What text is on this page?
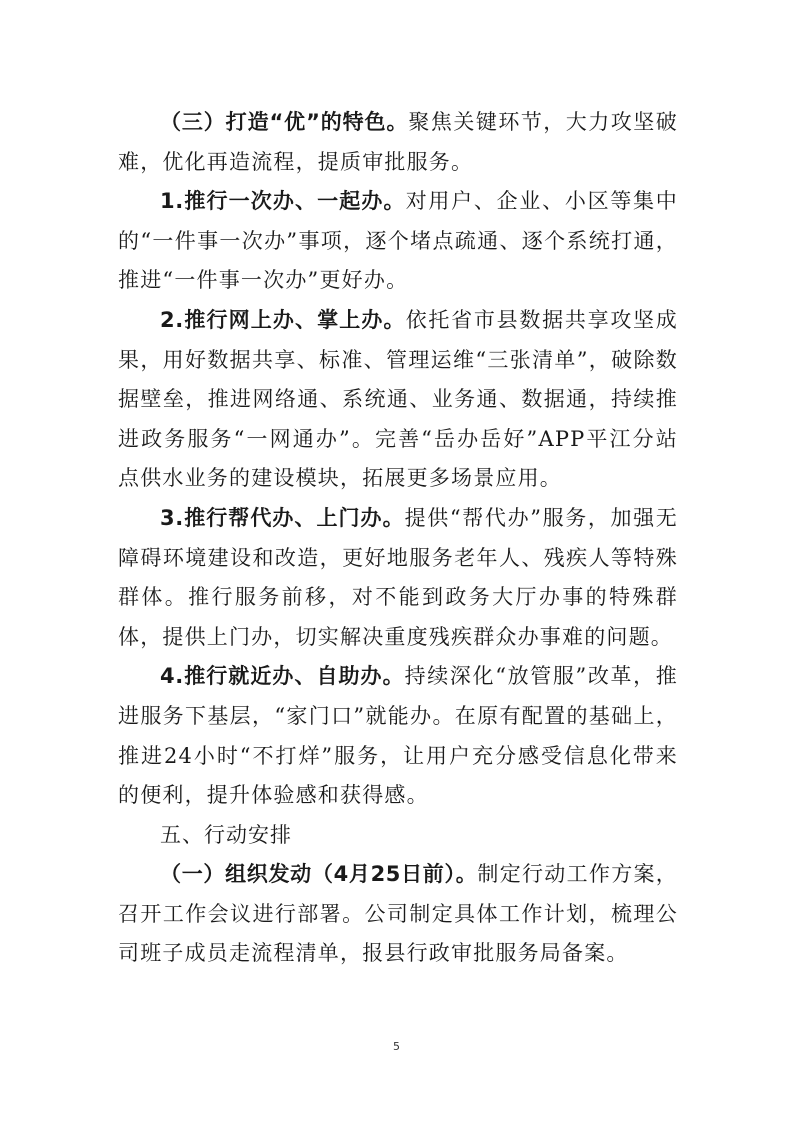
（三）打造“优”的特色。聚焦关键环节，大力攻坚破难，优化再造流程，提质审批服务。

1.推行一次办、一起办。对用户、企业、小区等集中的“一件事一次办”事项，逐个堵点疏通、逐个系统打通，推进“一件事一次办”更好办。

2.推行网上办、掌上办。依托省市县数据共享攻坚成果，用好数据共享、标准、管理运维“三张清单”，破除数据壁垒，推进网络通、系统通、业务通、数据通，持续推进政务服务“一网通办”。完善“岳办岳好”APP平江分站点供水业务的建设模块，拓展更多场景应用。

3.推行帮代办、上门办。提供“帮代办”服务，加强无障碍环境建设和改造，更好地服务老年人、残疾人等特殊群体。推行服务前移，对不能到政务大厅办事的特殊群体，提供上门办，切实解决重度残疾群众办事难的问题。

4.推行就近办、自助办。持续深化“放管服”改革，推进服务下基层，“家门口”就能办。在原有配置的基础上，推进24小时“不打烊”服务，让用户充分感受信息化带来的便利，提升体验感和获得感。

五、行动安排

（一）组织发动（4月25日前）。制定行动工作方案，召开工作会议进行部署。公司制定具体工作计划，梳理公司班子成员走流程清单，报县行政审批服务局备案。

5
